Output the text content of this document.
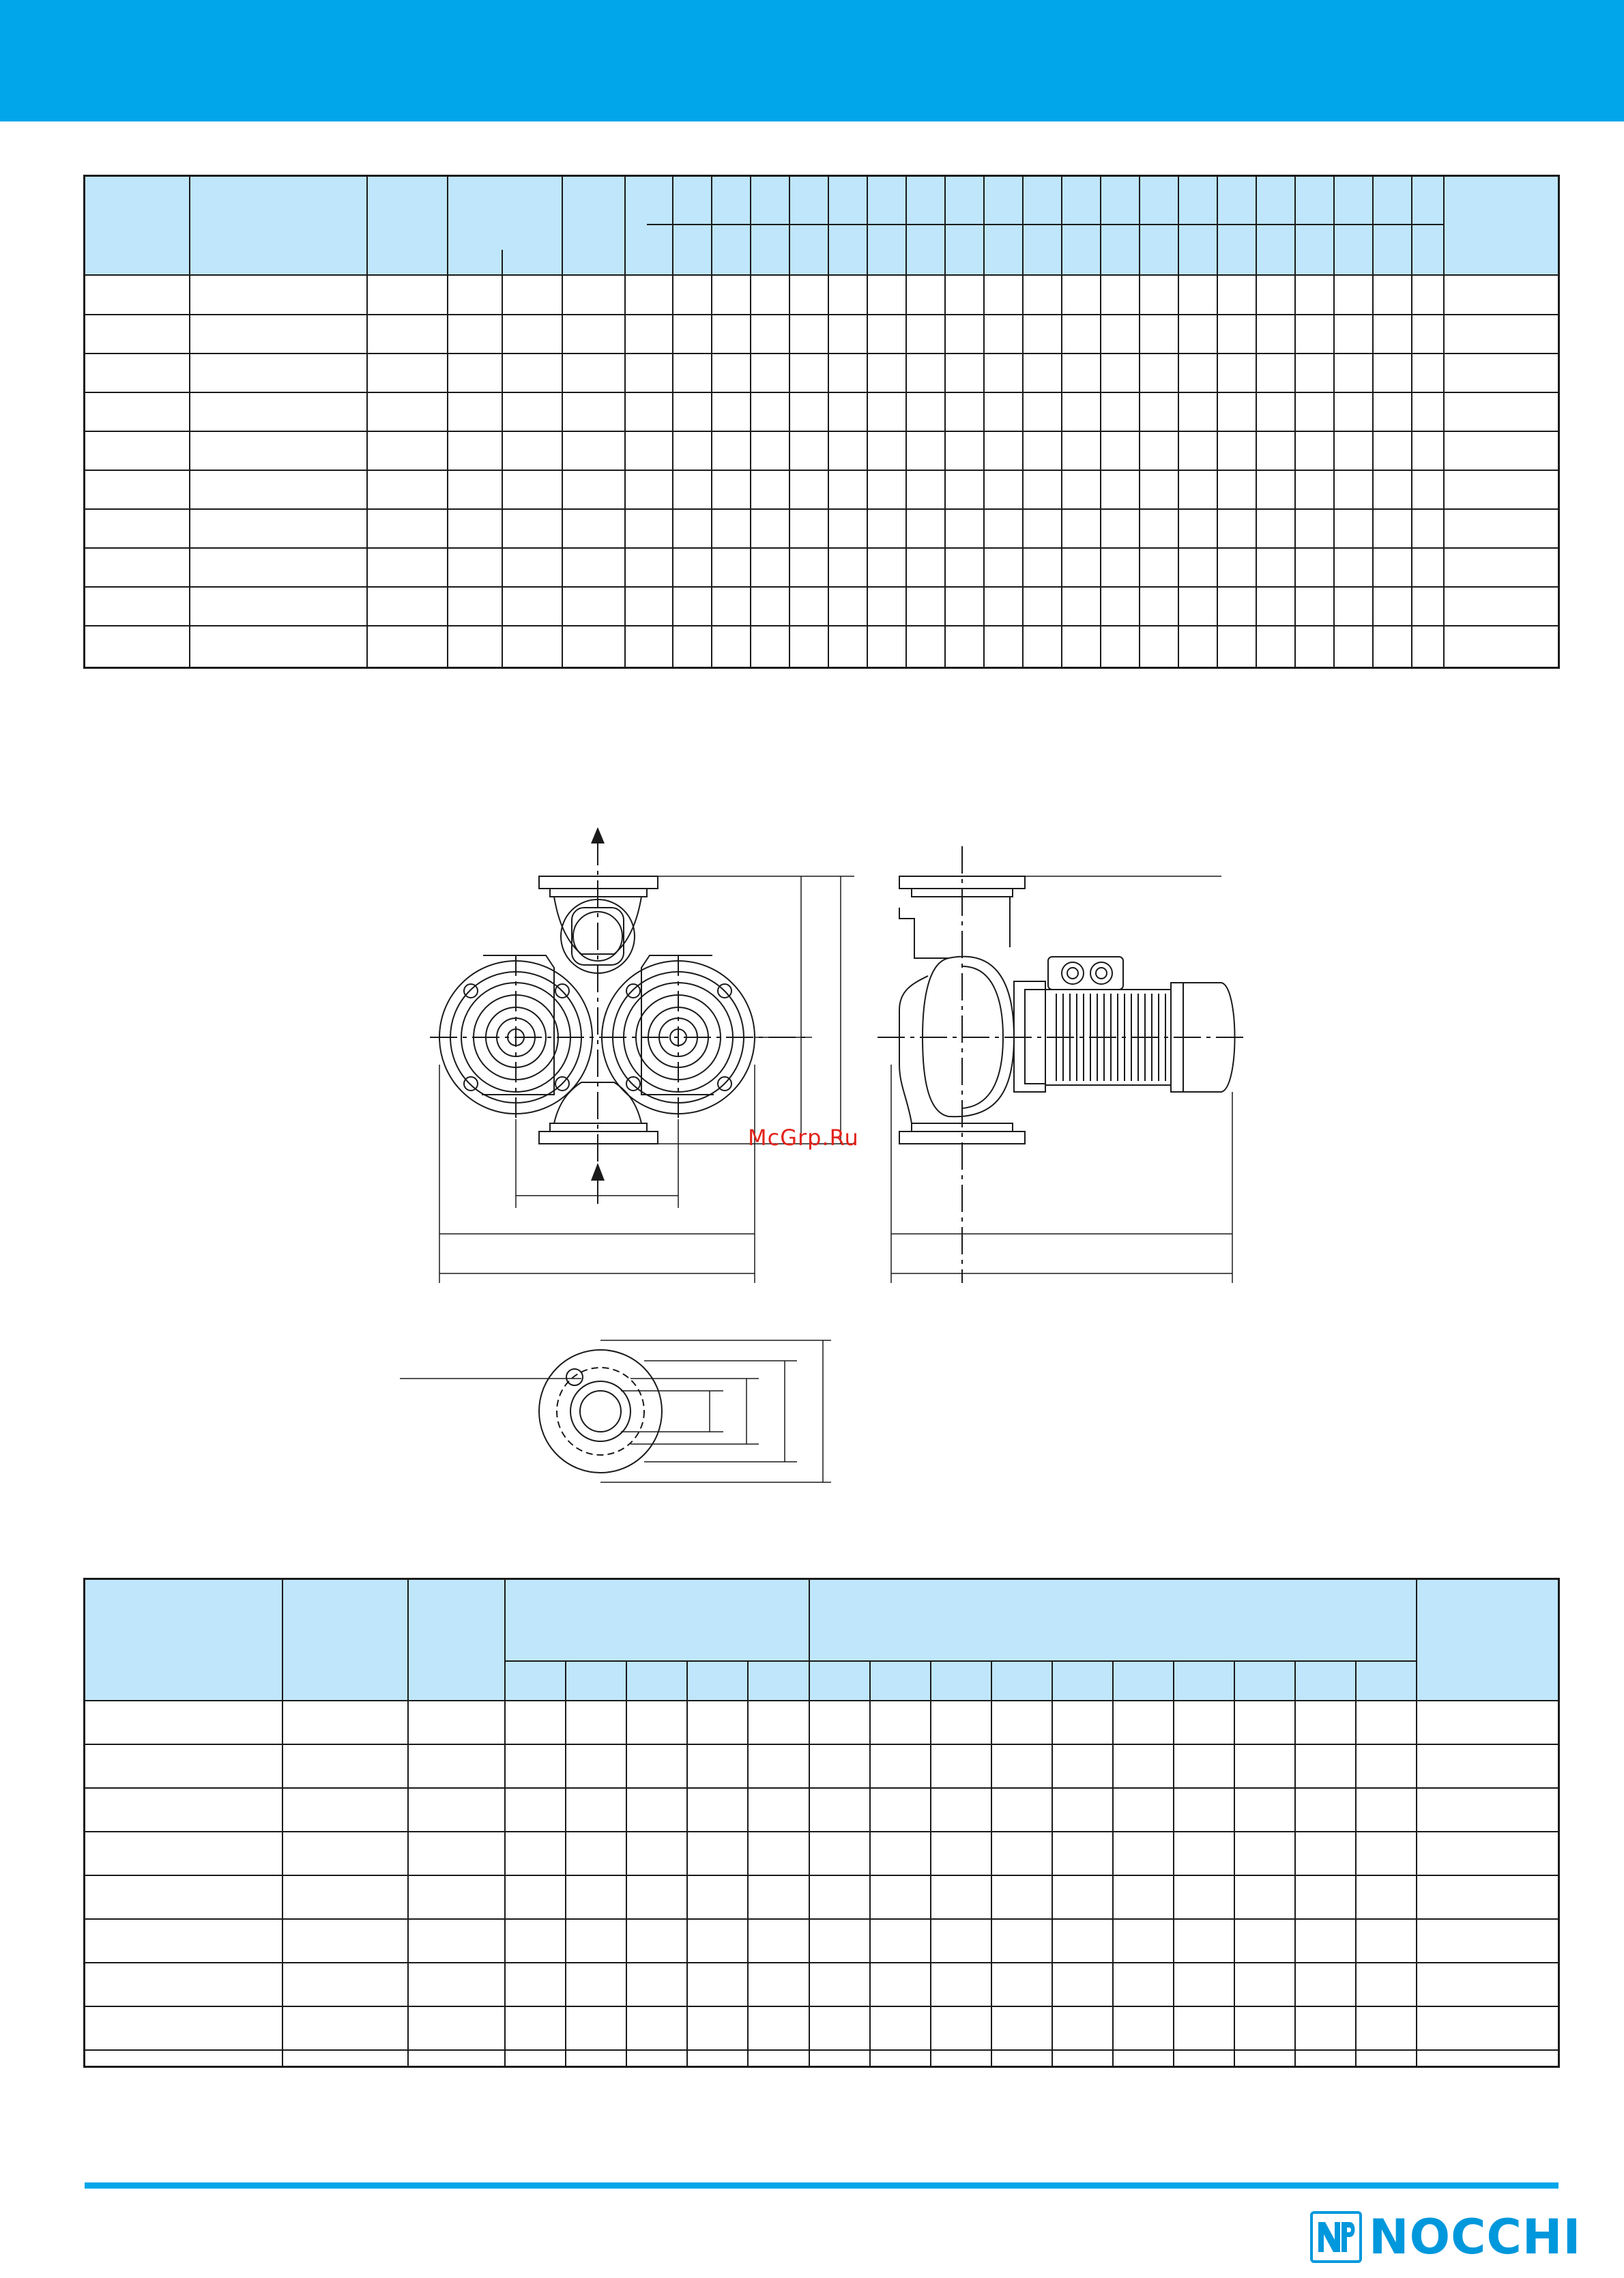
McGrp.Ru
NOCCHI
